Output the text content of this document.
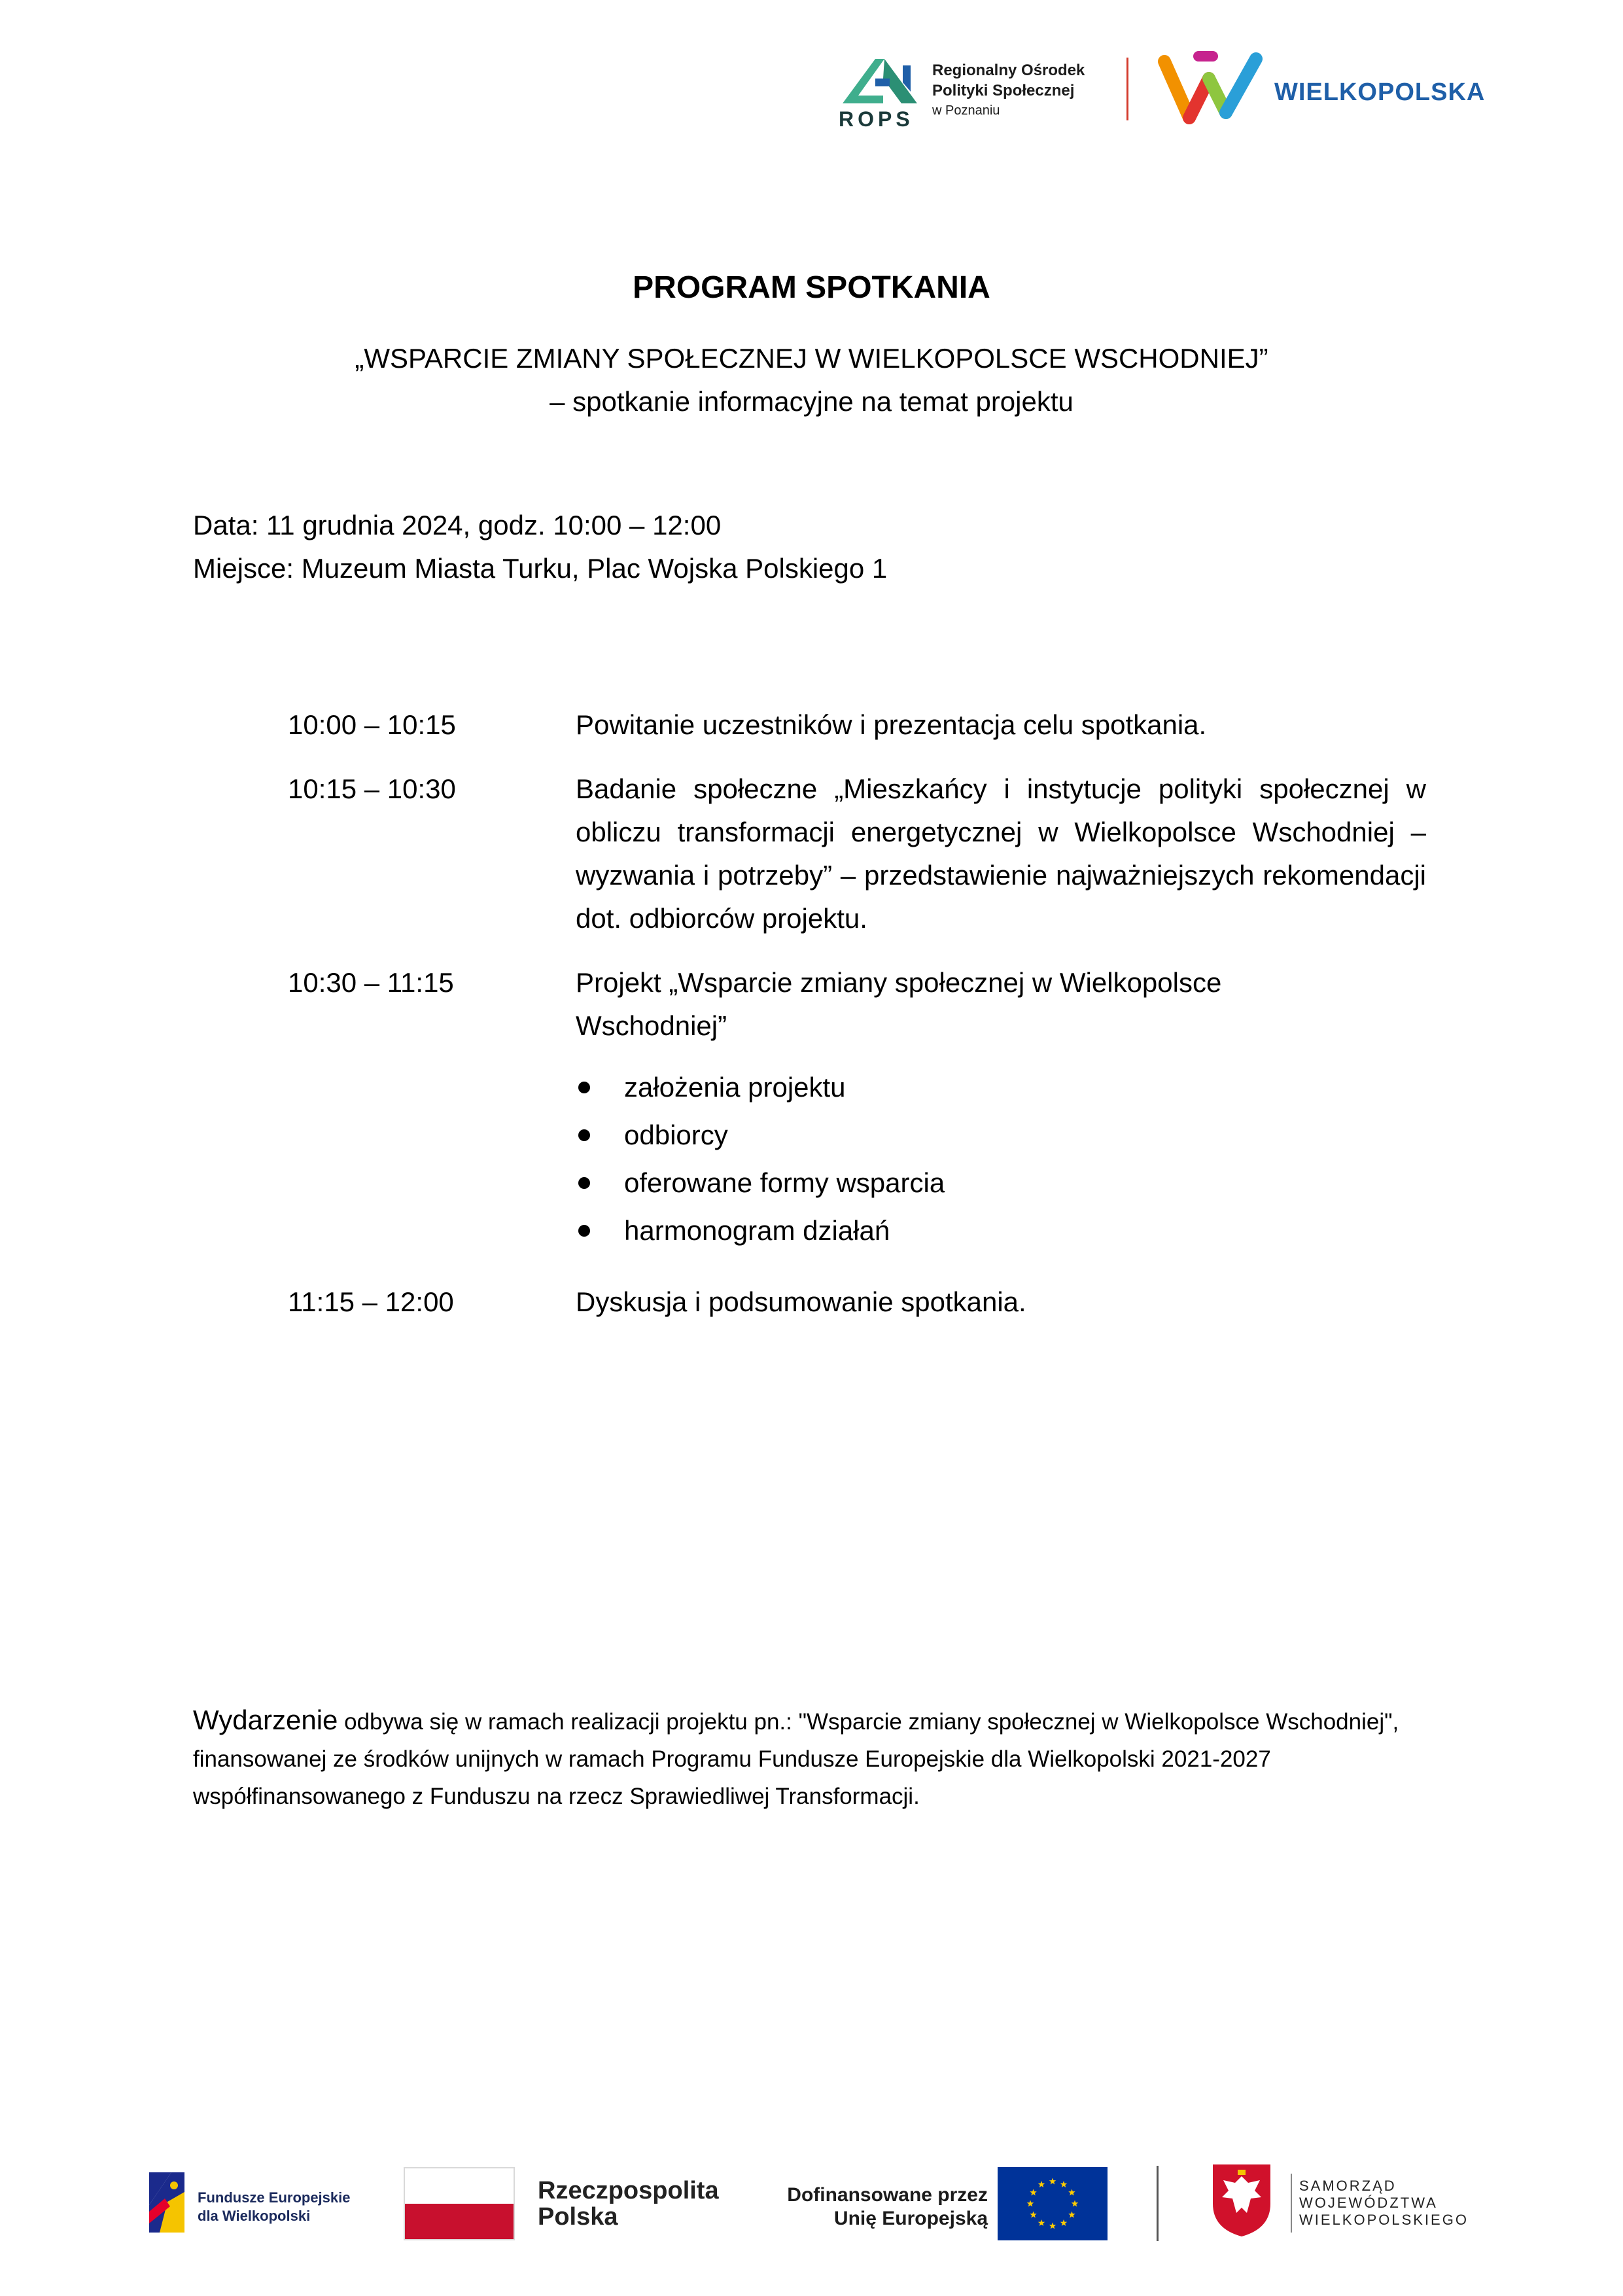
ROPS
Regionalny Ośrodek
Polityki Społecznej
w Poznaniu
WIELKOPOLSKA
PROGRAM SPOTKANIA
„WSPARCIE ZMIANY SPOŁECZNEJ W WIELKOPOLSCE WSCHODNIEJ”
– spotkanie informacyjne na temat projektu
Data: 11 grudnia 2024, godz. 10:00 – 12:00
Miejsce: Muzeum Miasta Turku, Plac Wojska Polskiego 1
10:00 – 10:15	Powitanie uczestników i prezentacja celu spotkania.
10:15 – 10:30	Badanie społeczne „Mieszkańcy i instytucje polityki społecznej w obliczu transformacji energetycznej w Wielkopolsce Wschodniej – wyzwania i potrzeby” – przedstawienie najważniejszych rekomendacji dot. odbiorców projektu.
10:30 – 11:15	Projekt „Wsparcie zmiany społecznej w Wielkopolsce Wschodniej”
założenia projektu
odbiorcy
oferowane formy wsparcia
harmonogram działań
11:15 – 12:00	Dyskusja i podsumowanie spotkania.
Wydarzenie odbywa się w ramach realizacji projektu pn.: "Wsparcie zmiany społecznej w Wielkopolsce Wschodniej", finansowanej ze środków unijnych w ramach Programu Fundusze Europejskie dla Wielkopolski 2021-2027 współfinansowanego z Funduszu na rzecz Sprawiedliwej Transformacji.
Fundusze Europejskie
dla Wielkopolski
Rzeczpospolita
Polska
Dofinansowane przez
Unię Europejską
SAMORZĄD
WOJEWÓDZTWA
WIELKOPOLSKIEGO
